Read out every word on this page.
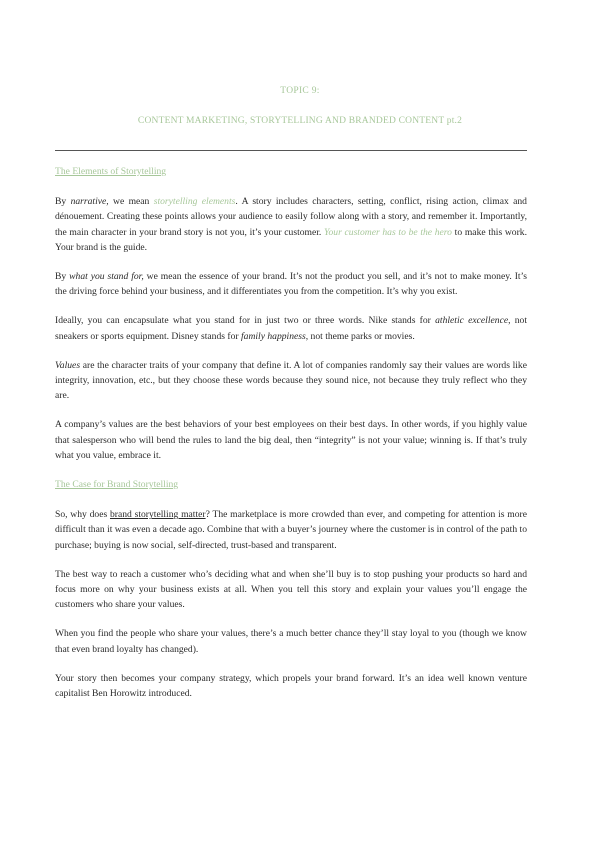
TOPIC 9:
CONTENT MARKETING, STORYTELLING AND BRANDED CONTENT pt.2
The Elements of Storytelling

By narrative, we mean storytelling elements. A story includes characters, setting, conflict, rising action, climax and dénouement. Creating these points allows your audience to easily follow along with a story, and remember it. Importantly, the main character in your brand story is not you, it’s your customer. Your customer has to be the hero to make this work. Your brand is the guide.

By what you stand for, we mean the essence of your brand. It’s not the product you sell, and it’s not to make money. It’s the driving force behind your business, and it differentiates you from the competition. It’s why you exist.

Ideally, you can encapsulate what you stand for in just two or three words. Nike stands for athletic excellence, not sneakers or sports equipment. Disney stands for family happiness, not theme parks or movies.

Values are the character traits of your company that define it. A lot of companies randomly say their values are words like integrity, innovation, etc., but they choose these words because they sound nice, not because they truly reflect who they are.

A company’s values are the best behaviors of your best employees on their best days. In other words, if you highly value that salesperson who will bend the rules to land the big deal, then “integrity” is not your value; winning is. If that’s truly what you value, embrace it.

The Case for Brand Storytelling

So, why does brand storytelling matter? The marketplace is more crowded than ever, and competing for attention is more difficult than it was even a decade ago. Combine that with a buyer’s journey where the customer is in control of the path to purchase; buying is now social, self-directed, trust-based and transparent.

The best way to reach a customer who’s deciding what and when she’ll buy is to stop pushing your products so hard and focus more on why your business exists at all. When you tell this story and explain your values you’ll engage the customers who share your values.

When you find the people who share your values, there’s a much better chance they’ll stay loyal to you (though we know that even brand loyalty has changed).

Your story then becomes your company strategy, which propels your brand forward. It’s an idea well known venture capitalist Ben Horowitz introduced.
